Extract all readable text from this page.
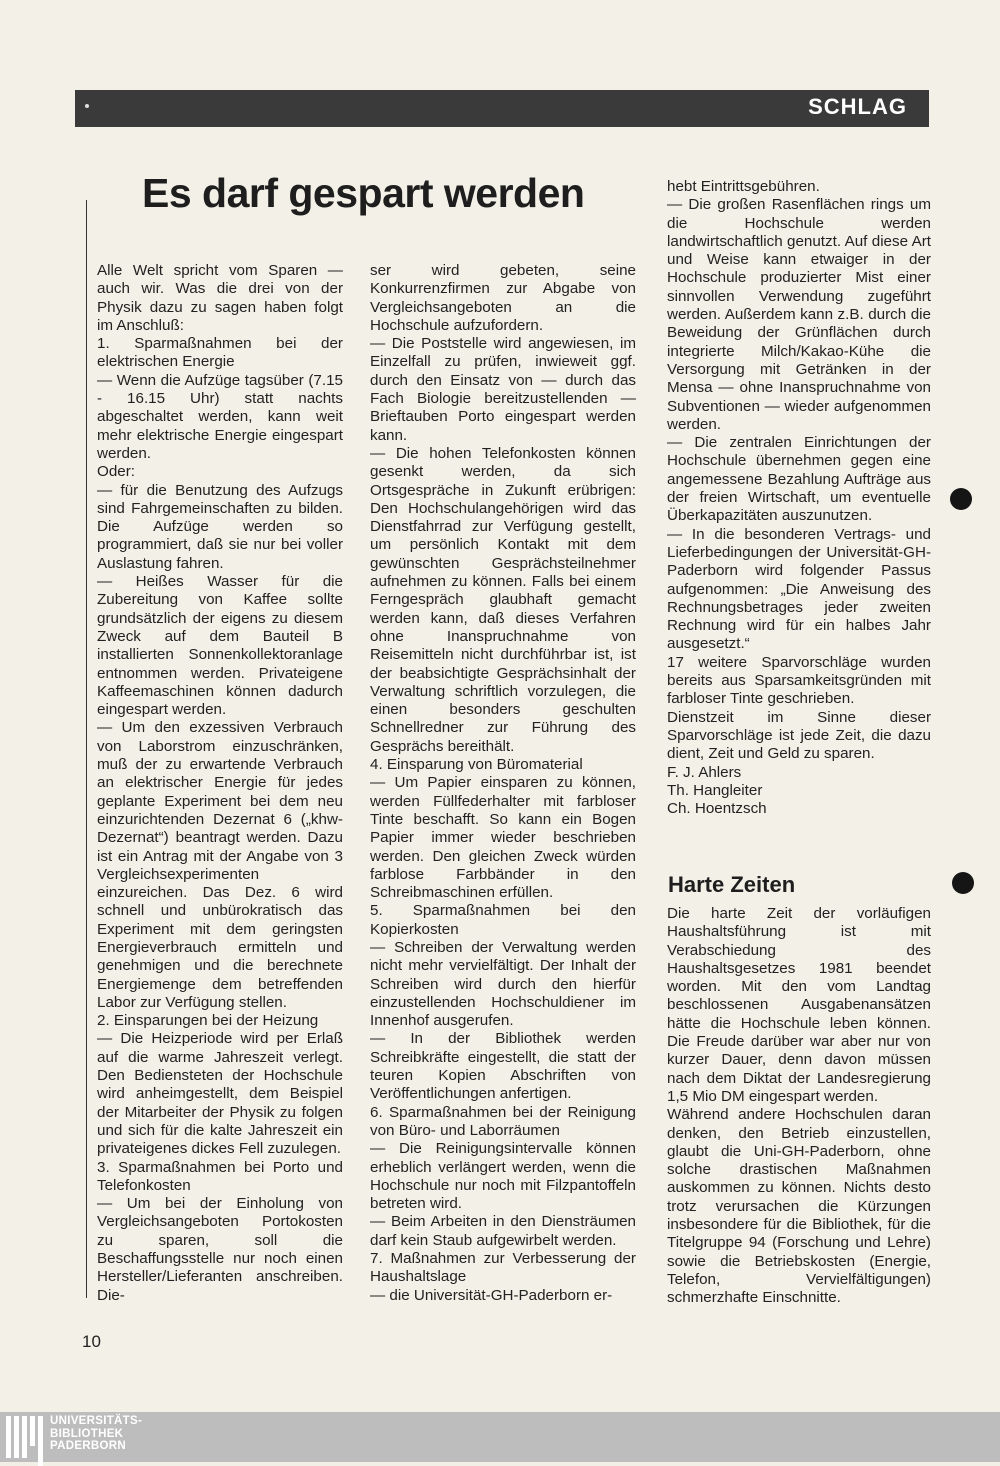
SCHLAG
Es darf gespart werden

Alle Welt spricht vom Sparen — auch wir. Was die drei von der Physik dazu zu sagen haben folgt im Anschluß:

1. Sparmaßnahmen bei der elektrischen Energie

— Wenn die Aufzüge tagsüber (7.15 - 16.15 Uhr) statt nachts abgeschaltet werden, kann weit mehr elektrische Energie eingespart werden.

Oder:

— für die Benutzung des Aufzugs sind Fahrgemeinschaften zu bilden. Die Aufzüge werden so programmiert, daß sie nur bei voller Auslastung fahren.

— Heißes Wasser für die Zubereitung von Kaffee sollte grundsätzlich der eigens zu diesem Zweck auf dem Bauteil B installierten Sonnenkollektoranlage entnommen werden. Privateigene Kaffeemaschinen können dadurch eingespart werden.

— Um den exzessiven Verbrauch von Laborstrom einzuschränken, muß der zu erwartende Verbrauch an elektrischer Energie für jedes geplante Experiment bei dem neu einzurichtenden Dezernat 6 („khw-Dezernat“) beantragt werden. Dazu ist ein Antrag mit der Angabe von 3 Vergleichsexperimenten einzureichen. Das Dez. 6 wird schnell und unbürokratisch das Experiment mit dem geringsten Energieverbrauch ermitteln und genehmigen und die berechnete Energiemenge dem betreffenden Labor zur Verfügung stellen.

2. Einsparungen bei der Heizung

— Die Heizperiode wird per Erlaß auf die warme Jahreszeit verlegt. Den Bediensteten der Hochschule wird anheimgestellt, dem Beispiel der Mitarbeiter der Physik zu folgen und sich für die kalte Jahreszeit ein privateigenes dickes Fell zuzulegen.

3. Sparmaßnahmen bei Porto und Telefonkosten

— Um bei der Einholung von Vergleichsangeboten Portokosten zu sparen, soll die Beschaffungsstelle nur noch einen Hersteller/Lieferanten anschreiben. Die-

ser wird gebeten, seine Konkurrenzfirmen zur Abgabe von Vergleichsangeboten an die Hochschule aufzufordern.

— Die Poststelle wird angewiesen, im Einzelfall zu prüfen, inwieweit ggf. durch den Einsatz von — durch das Fach Biologie bereitzustellenden — Brieftauben Porto eingespart werden kann.

— Die hohen Telefonkosten können gesenkt werden, da sich Ortsgespräche in Zukunft erübrigen: Den Hochschulangehörigen wird das Dienstfahrrad zur Verfügung gestellt, um persönlich Kontakt mit dem gewünschten Gesprächsteilnehmer aufnehmen zu können. Falls bei einem Ferngespräch glaubhaft gemacht werden kann, daß dieses Verfahren ohne Inanspruchnahme von Reisemitteln nicht durchführbar ist, ist der beabsichtigte Gesprächsinhalt der Verwaltung schriftlich vorzulegen, die einen besonders geschulten Schnellredner zur Führung des Gesprächs bereithält.

4. Einsparung von Büromaterial

— Um Papier einsparen zu können, werden Füllfederhalter mit farbloser Tinte beschafft. So kann ein Bogen Papier immer wieder beschrieben werden. Den gleichen Zweck würden farblose Farbbänder in den Schreibmaschinen erfüllen.

5. Sparmaßnahmen bei den Kopierkosten

— Schreiben der Verwaltung werden nicht mehr vervielfältigt. Der Inhalt der Schreiben wird durch den hierfür einzustellenden Hochschuldiener im Innenhof ausgerufen.

— In der Bibliothek werden Schreibkräfte eingestellt, die statt der teuren Kopien Abschriften von Veröffentlichungen anfertigen.

6. Sparmaßnahmen bei der Reinigung von Büro- und Laborräumen

— Die Reinigungsintervalle können erheblich verlängert werden, wenn die Hochschule nur noch mit Filzpantoffeln betreten wird.

— Beim Arbeiten in den Diensträumen darf kein Staub aufgewirbelt werden.

7. Maßnahmen zur Verbesserung der Haushaltslage

— die Universität-GH-Paderborn er-

hebt Eintrittsgebühren.

— Die großen Rasenflächen rings um die Hochschule werden landwirtschaftlich genutzt. Auf diese Art und Weise kann etwaiger in der Hochschule produzierter Mist einer sinnvollen Verwendung zugeführt werden. Außerdem kann z.B. durch die Beweidung der Grünflächen durch integrierte Milch/Kakao-Kühe die Versorgung mit Getränken in der Mensa — ohne Inanspruchnahme von Subventionen — wieder aufgenommen werden.

— Die zentralen Einrichtungen der Hochschule übernehmen gegen eine angemessene Bezahlung Aufträge aus der freien Wirtschaft, um eventuelle Überkapazitäten auszunutzen.

— In die besonderen Vertrags- und Lieferbedingungen der Universität-GH-Paderborn wird folgender Passus aufgenommen: „Die Anweisung des Rechnungsbetrages jeder zweiten Rechnung wird für ein halbes Jahr ausgesetzt.“

17 weitere Sparvorschläge wurden bereits aus Sparsamkeitsgründen mit farbloser Tinte geschrieben.

Dienstzeit im Sinne dieser Sparvorschläge ist jede Zeit, die dazu dient, Zeit und Geld zu sparen.

F. J. Ahlers

Th. Hangleiter

Ch. Hoentzsch

Harte Zeiten

Die harte Zeit der vorläufigen Haushaltsführung ist mit Verabschiedung des Haushaltsgesetzes 1981 beendet worden. Mit den vom Landtag beschlossenen Ausgabenansätzen hätte die Hochschule leben können. Die Freude darüber war aber nur von kurzer Dauer, denn davon müssen nach dem Diktat der Landesregierung 1,5 Mio DM eingespart werden.

Während andere Hochschulen daran denken, den Betrieb einzustellen, glaubt die Uni-GH-Paderborn, ohne solche drastischen Maßnahmen auskommen zu können. Nichts desto trotz verursachen die Kürzungen insbesondere für die Bibliothek, für die Titelgruppe 94 (Forschung und Lehre) sowie die Betriebskosten (Energie, Telefon, Vervielfältigungen) schmerzhafte Einschnitte.

10
UNIVERSITÄTS-
BIBLIOTHEK
PADERBORN
